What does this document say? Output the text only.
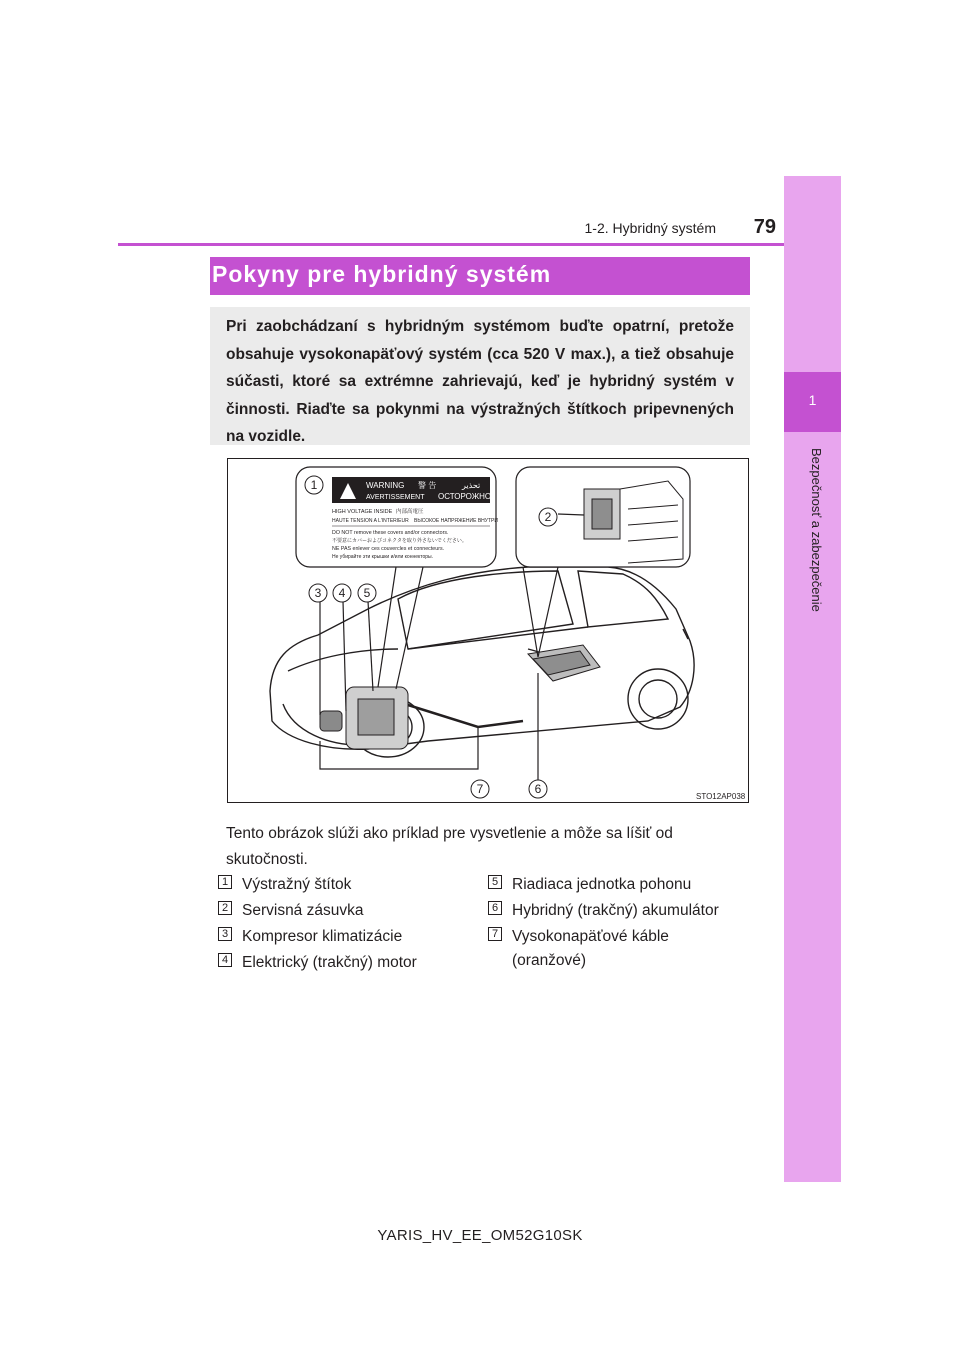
1
Bezpečnosť a zabezpečenie
1-2. Hybridný systém	79
Pokyny pre hybridný systém
Pri zaobchádzaní s hybridným systémom buďte opatrní, pretože obsahuje vysokonapäťový systém (cca 520 V max.), a tiež obsahuje súčasti, ktoré sa extrémne zahrievajú, keď je hybridný systém v činnosti. Riaďte sa pokynmi na výstražných štítkoch pripevnených na vozidle.
WARNING 警 告	تحذير
AVERTISSEMENT ОСТОРОЖНО
HIGH VOLTAGE INSIDE 内部高電圧
HAUTE TENSION A L'INTERIEUR ВЫСОКОЕ НАПРЯЖЕНИЕ ВНУТРИ
DO NOT remove these covers and/or connectors.
不要意にカバーおよびコネクタを取り外さないでください。
NE PAS enlever ces couvercles et connecteurs.
Не убирайте эти крышки и/или коннекторы.
1
2
3 4 5
6
7
STO12AP038
Tento obrázok slúži ako príklad pre vysvetlenie a môže sa líšiť od skutočnosti.
1 Výstražný štítok
2 Servisná zásuvka
3 Kompresor klimatizácie
4 Elektrický (trakčný) motor
5 Riadiaca jednotka pohonu
6 Hybridný (trakčný) akumulátor
7 Vysokonapäťové káble (oranžové)
YARIS_HV_EE_OM52G10SK
